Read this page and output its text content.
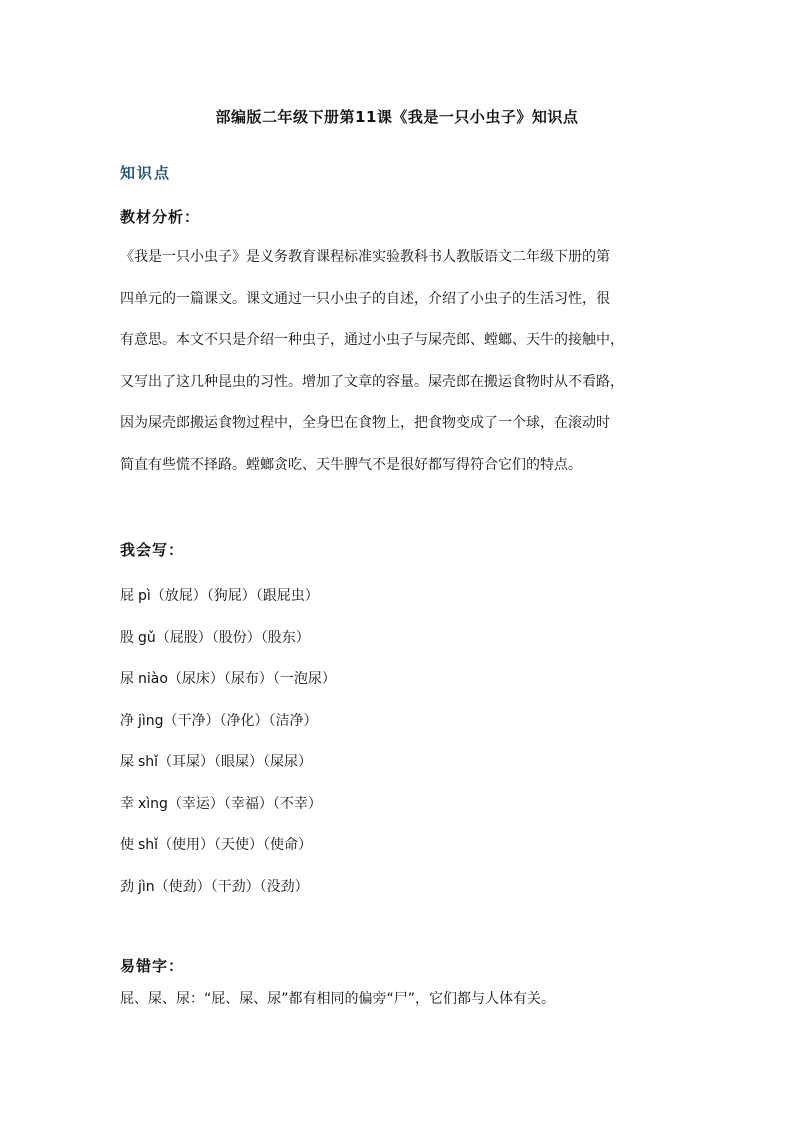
部编版二年级下册第11课《我是一只小虫子》知识点
知识点
教材分析：
《我是一只小虫子》是义务教育课程标准实验教科书人教版语文二年级下册的第
四单元的一篇课文。课文通过一只小虫子的自述，介绍了小虫子的生活习性，很
有意思。本文不只是介绍一种虫子，通过小虫子与屎壳郎、螳螂、天牛的接触中，
又写出了这几种昆虫的习性。增加了文章的容量。屎壳郎在搬运食物时从不看路，
因为屎壳郎搬运食物过程中，全身巴在食物上，把食物变成了一个球，在滚动时
简直有些慌不择路。螳螂贪吃、天牛脾气不是很好都写得符合它们的特点。
我会写：
屁 pì（放屁）（狗屁）（跟屁虫）
股 gǔ（屁股）（股份）（股东）
尿 niào（尿床）（尿布）（一泡尿）
净 jìng（干净）（净化）（洁净）
屎 shǐ（耳屎）（眼屎）（屎尿）
幸 xìng（幸运）（幸福）（不幸）
使 shǐ（使用）（天使）（使命）
劲 jìn（使劲）（干劲）（没劲）
易错字：
屁、屎、尿：“屁、屎、尿”都有相同的偏旁“尸”，它们都与人体有关。
